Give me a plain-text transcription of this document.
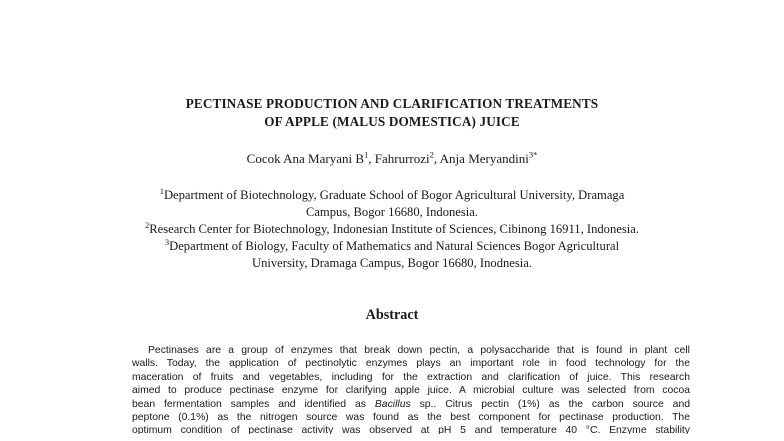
PECTINASE PRODUCTION AND CLARIFICATION TREATMENTS
OF APPLE (MALUS DOMESTICA) JUICE
Cocok Ana Maryani $B^1$, Fahrurrozi$^2$, Anja Meryandini$^{3*}$
$^1$Department of Biotechnology, Graduate School of Bogor Agricultural University, Dramaga
Campus, Bogor 16680, Indonesia.
$^2$Research Center for Biotechnology, Indonesian Institute of Sciences, Cibinong 16911, Indonesia.
$^3$Department of Biology, Faculty of Mathematics and Natural Sciences Bogor Agricultural
University, Dramaga Campus, Bogor 16680, Inodnesia.
Abstract
Pectinases are a group of enzymes that break down pectin, a polysaccharide that is found in plant cell
walls. Today, the application of pectinolytic enzymes plays an important role in food technology for the
maceration of fruits and vegetables, including for the extraction and clarification of juice. This research
aimed to produce pectinase enzyme for clarifying apple juice. A microbial culture was selected from cocoa
bean fermentation samples and identified as Bacillus sp.. Citrus pectin (1%) as the carbon source and
peptone (0.1%) as the nitrogen source was found as the best component for pectinase production. The
optimum condition of pectinase activity was observed at pH 5 and temperature 40 °C. Enzyme stability
